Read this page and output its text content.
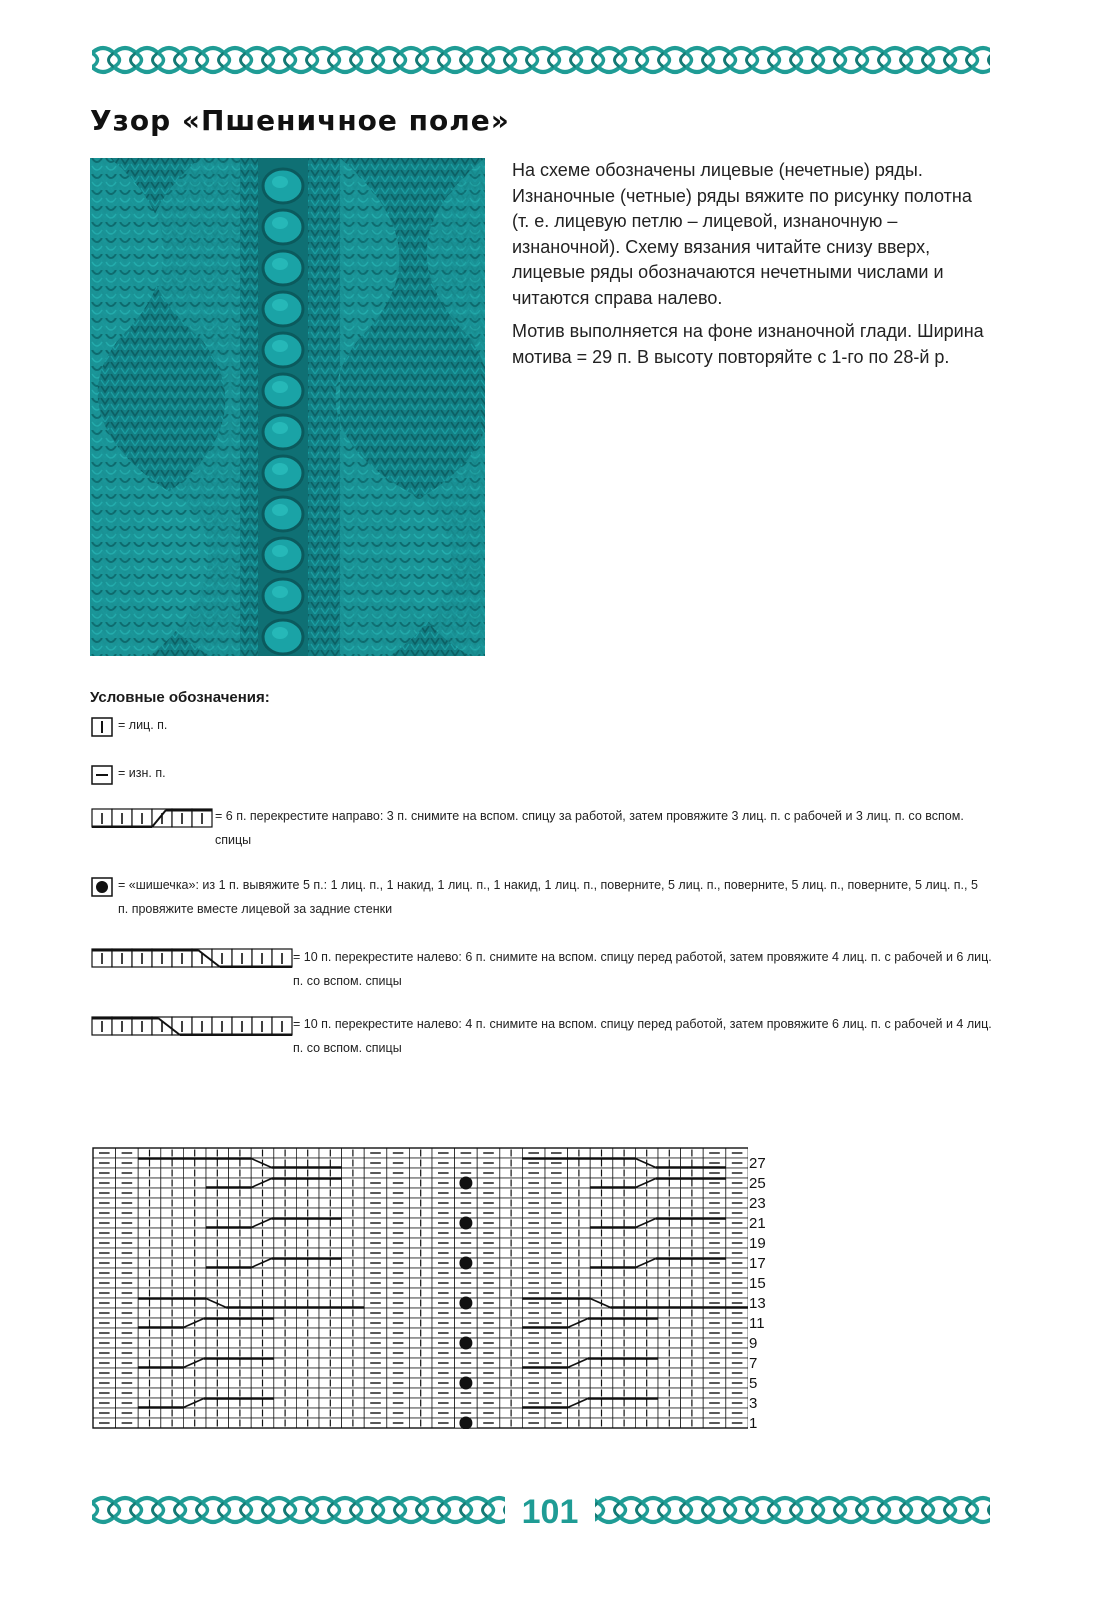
Узор «Пшеничное поле»

На схеме обозначены лицевые (нечетные) ряды. Изнаночные (четные) ряды вяжите по рисунку полотна (т. е. лицевую петлю – лицевой, изнаночную – изнаночной). Схему вязания читайте снизу вверх, лицевые ряды обозначаются нечетными числами и читаются справа налево.

Мотив выполняется на фоне изнаночной глади. Ширина мотива = 29 п. В высоту повторяйте с 1-го по 28-й р.

Условные обозначения:
= лиц. п.
= изн. п.
= 6 п. перекрестите направо: 3 п. снимите на вспом. спицу за работой, затем провяжите 3 лиц. п. с рабочей и 3 лиц. п. со вспом. спицы
= «шишечка»: из 1 п. вывяжите 5 п.: 1 лиц. п., 1 накид, 1 лиц. п., 1 накид, 1 лиц. п., поверните, 5 лиц. п., поверните, 5 лиц. п., поверните, 5 лиц. п., 5 п. провяжите вместе лицевой за задние стенки
= 10 п. перекрестите налево: 6 п. снимите на вспом. спицу перед работой, затем провяжите 4 лиц. п. с рабочей и 6 лиц. п. со вспом. спицы
= 10 п. перекрестите налево: 4 п. снимите на вспом. спицу перед работой, затем провяжите 6 лиц. п. с рабочей и 4 лиц. п. со вспом. спицы
27
25
23
21
19
17
15
13
11
9
7
5
3
1
101
